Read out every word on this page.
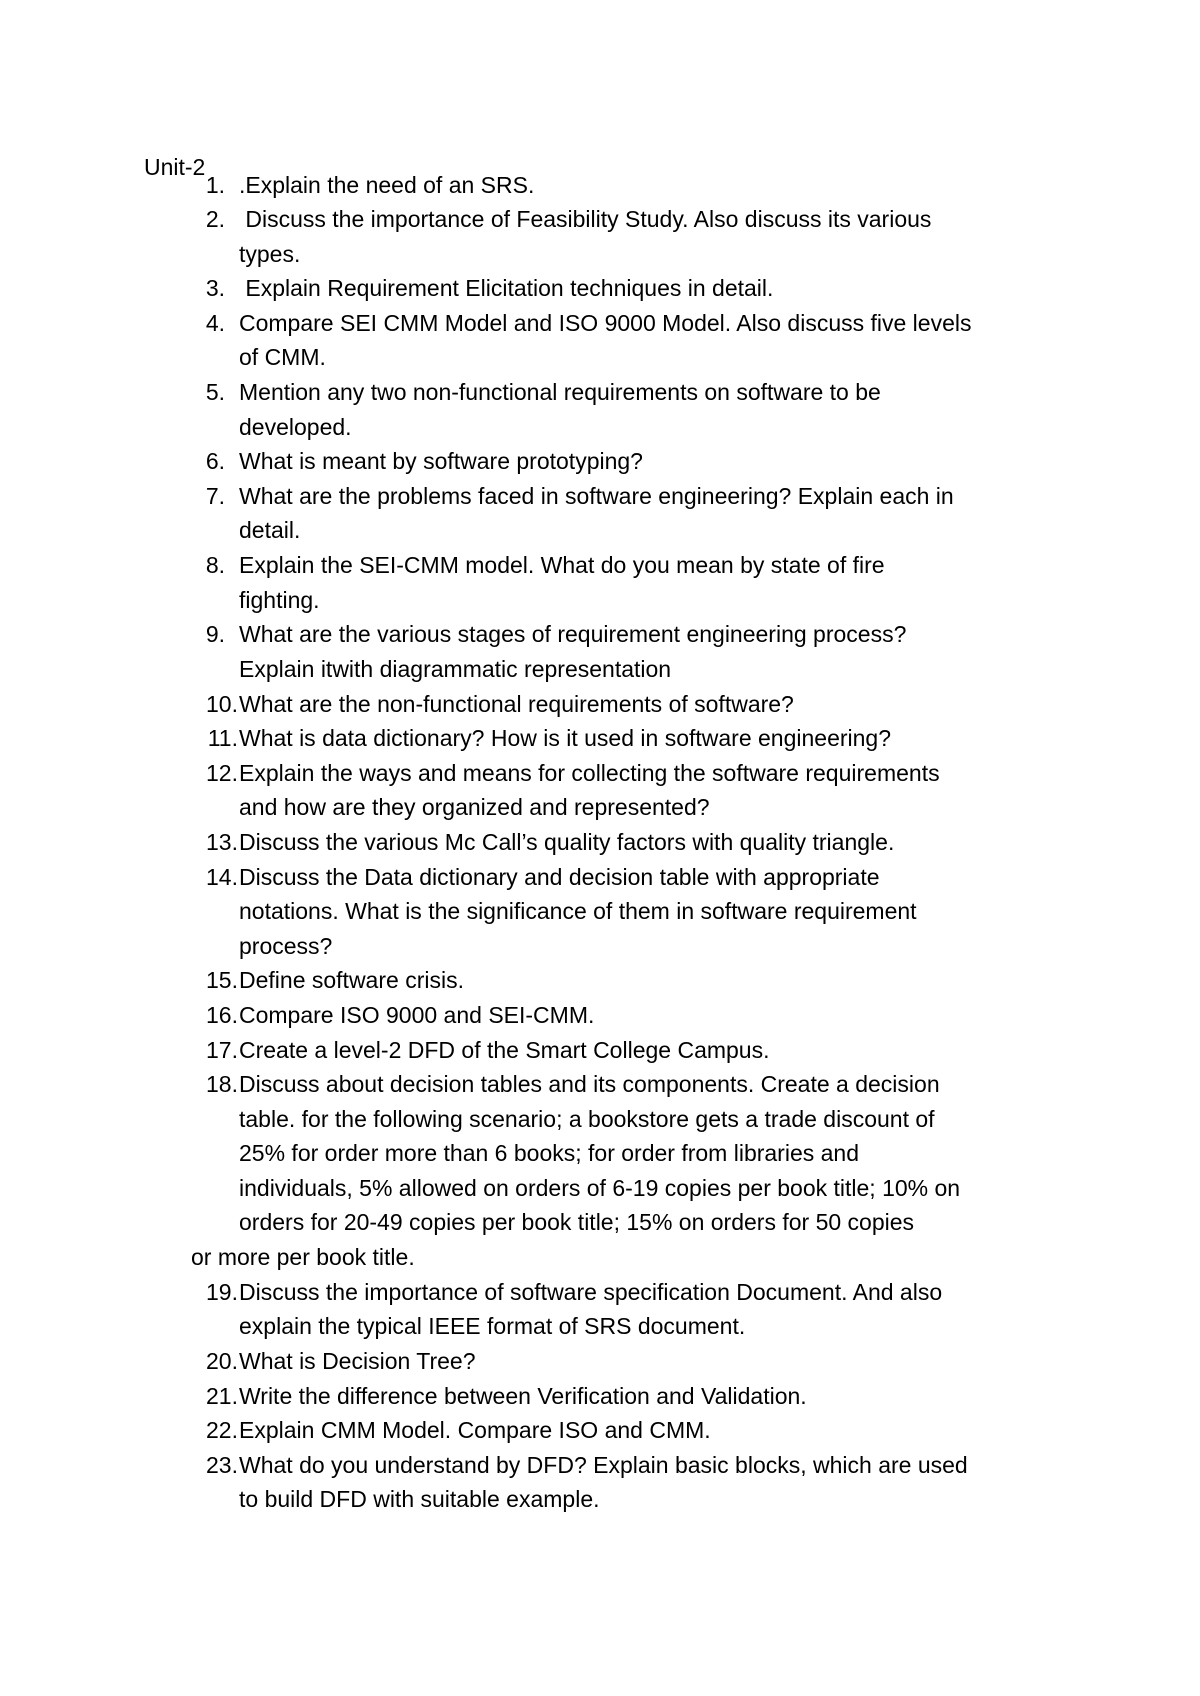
Unit-2
1. .Explain the need of an SRS.
2. Discuss the importance of Feasibility Study. Also discuss its various
types.
3. Explain Requirement Elicitation techniques in detail.
4. Compare SEI CMM Model and ISO 9000 Model. Also discuss five levels
of CMM.
5. Mention any two non-functional requirements on software to be
developed.
6. What is meant by software prototyping?
7. What are the problems faced in software engineering? Explain each in
detail.
8. Explain the SEI-CMM model. What do you mean by state of fire
fighting.
9. What are the various stages of requirement engineering process?
Explain itwith diagrammatic representation
10. What are the non-functional requirements of software?
11. What is data dictionary? How is it used in software engineering?
12. Explain the ways and means for collecting the software requirements
and how are they organized and represented?
13. Discuss the various Mc Call’s quality factors with quality triangle.
14. Discuss the Data dictionary and decision table with appropriate
notations. What is the significance of them in software requirement
process?
15. Define software crisis.
16. Compare ISO 9000 and SEI-CMM.
17. Create a level-2 DFD of the Smart College Campus.
18. Discuss about decision tables and its components. Create a decision
table. for the following scenario; a bookstore gets a trade discount of
25% for order more than 6 books; for order from libraries and
individuals, 5% allowed on orders of 6-19 copies per book title; 10% on
orders for 20-49 copies per book title; 15% on orders for 50 copies
or more per book title.
19. Discuss the importance of software specification Document. And also
explain the typical IEEE format of SRS document.
20. What is Decision Tree?
21. Write the difference between Verification and Validation.
22. Explain CMM Model. Compare ISO and CMM.
23. What do you understand by DFD? Explain basic blocks, which are used
to build DFD with suitable example.
